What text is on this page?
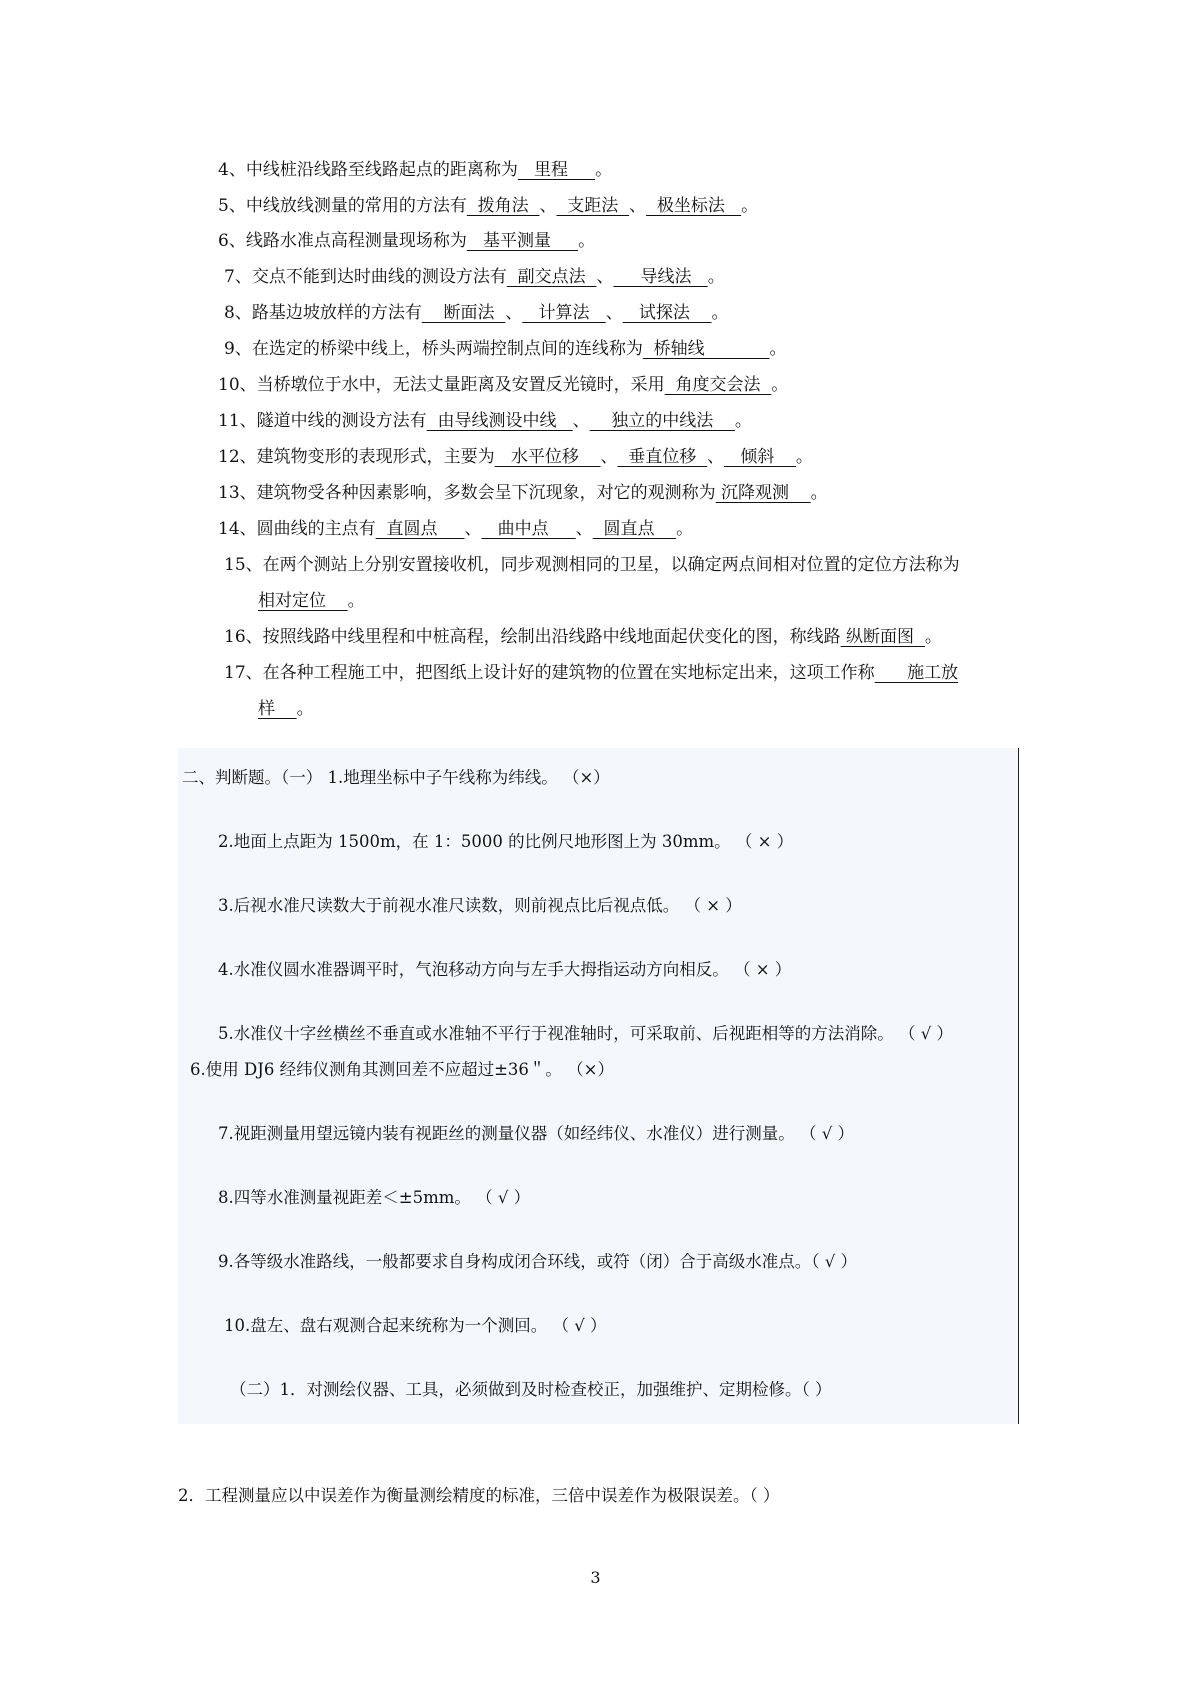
4、中线桩沿线路至线路起点的距离称为   里程     。
5、中线放线测量的常用的方法有  拨角法  、  支距法  、  极坐标法   。
6、线路水准点高程测量现场称为   基平测量     。
7、交点不能到达时曲线的测设方法有  副交点法  、     导线法   。
8、路基边坡放样的方法有    断面法  、   计算法   、   试探法    。
9、在选定的桥梁中线上，桥头两端控制点间的连线称为  桥轴线            。
10、当桥墩位于水中，无法丈量距离及安置反光镜时，采用  角度交会法  。
11、隧道中线的测设方法有  由导线测设中线   、    独立的中线法    。
12、建筑物变形的表现形式，主要为   水平位移    、  垂直位移  、   倾斜    。
13、建筑物受各种因素影响，多数会呈下沉现象，对它的观测称为 沉降观测    。
14、圆曲线的主点有  直圆点     、   曲中点     、  圆直点    。
15、在两个测站上分别安置接收机，同步观测相同的卫星，以确定两点间相对位置的定位方法称为
相对定位    。
16、按照线路中线里程和中桩高程，绘制出沿线路中线地面起伏变化的图，称线路 纵断面图  。
17、在各种工程施工中，把图纸上设计好的建筑物的位置在实地标定出来，这项工作称      施工放
样    。
二、判断题。（一） 1.地理坐标中子午线称为纬线。 （×）
2.地面上点距为 1500m，在 1：5000 的比例尺地形图上为 30mm。 （ × ）
3.后视水准尺读数大于前视水准尺读数，则前视点比后视点低。 （ × ）
4.水准仪圆水准器调平时，气泡移动方向与左手大拇指运动方向相反。 （ × ）
5.水准仪十字丝横丝不垂直或水准轴不平行于视准轴时，可采取前、后视距相等的方法消除。 （ √ ）
6.使用 DJ6 经纬仪测角其测回差不应超过±36＂。 （×）
7.视距测量用望远镜内装有视距丝的测量仪器（如经纬仪、水准仪）进行测量。 （ √ ）
8.四等水准测量视距差＜±5mm。 （ √ ）
9.各等级水准路线，一般都要求自身构成闭合环线，或符（闭）合于高级水准点。（ √ ）
10.盘左、盘右观测合起来统称为一个测回。 （ √ ）
（二）1．对测绘仪器、工具，必须做到及时检查校正，加强维护、定期检修。（ ）
2．工程测量应以中误差作为衡量测绘精度的标准，三倍中误差作为极限误差。（ ）
3
